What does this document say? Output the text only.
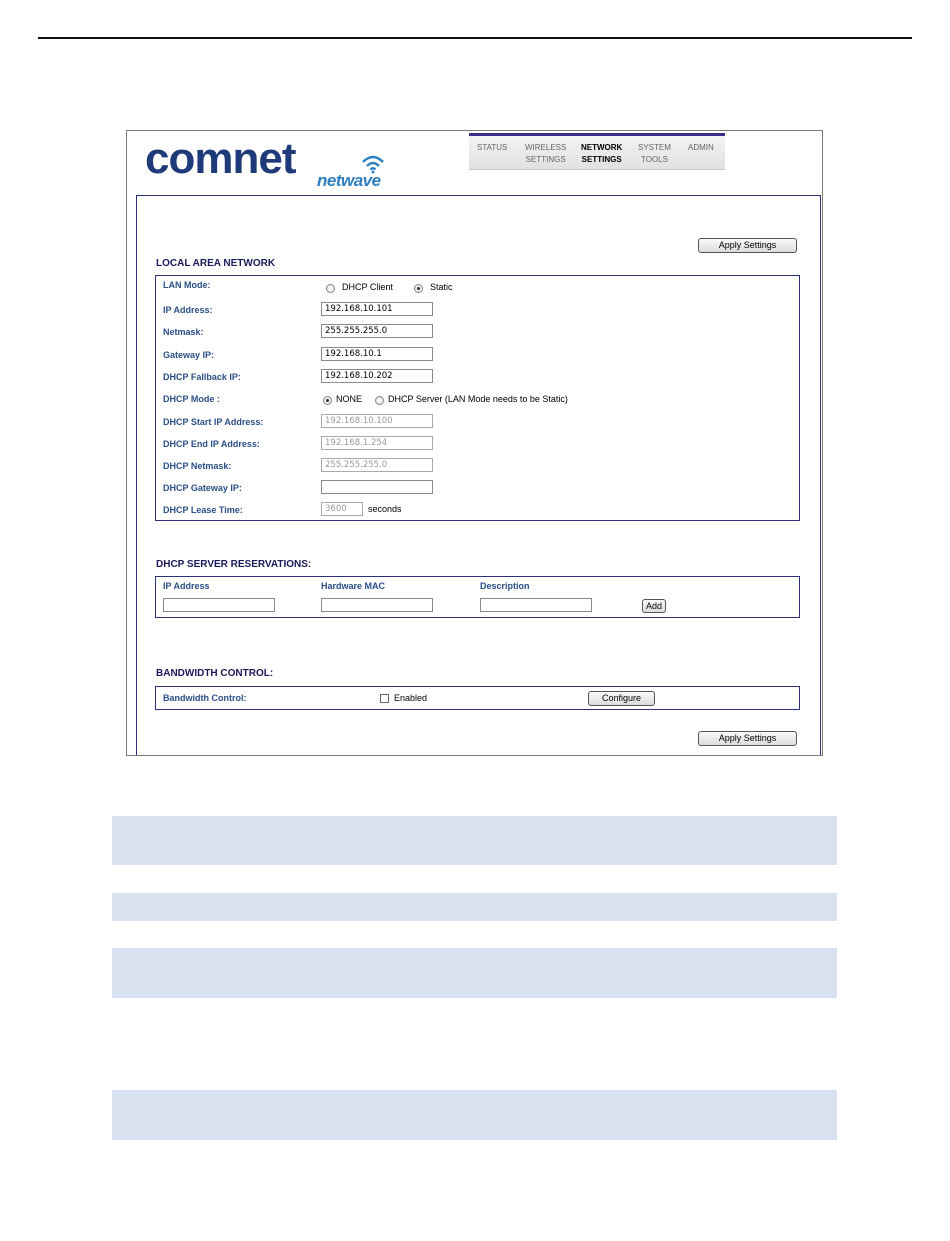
comnet netwave
STATUS WIRELESS
SETTINGS
NETWORK
SETTINGS
SYSTEM
TOOLS
ADMIN
Apply Settings
LOCAL AREA NETWORK
LAN Mode:	DHCP Client	Static
IP Address:	192.168.10.101
Netmask:	255.255.255.0
Gateway IP:	192.168.10.1
DHCP Fallback IP:	192.168.10.202
DHCP Mode :	NONE	DHCP Server (LAN Mode needs to be Static)
DHCP Start IP Address:	192.168.10.100
DHCP End IP Address:	192.168.1.254
DHCP Netmask:	255.255.255.0
DHCP Gateway IP:
DHCP Lease Time:	3600	seconds
DHCP SERVER RESERVATIONS:
IP Address	Hardware MAC	Description
Add
BANDWIDTH CONTROL:
Bandwidth Control:	Enabled	Configure
Apply Settings
